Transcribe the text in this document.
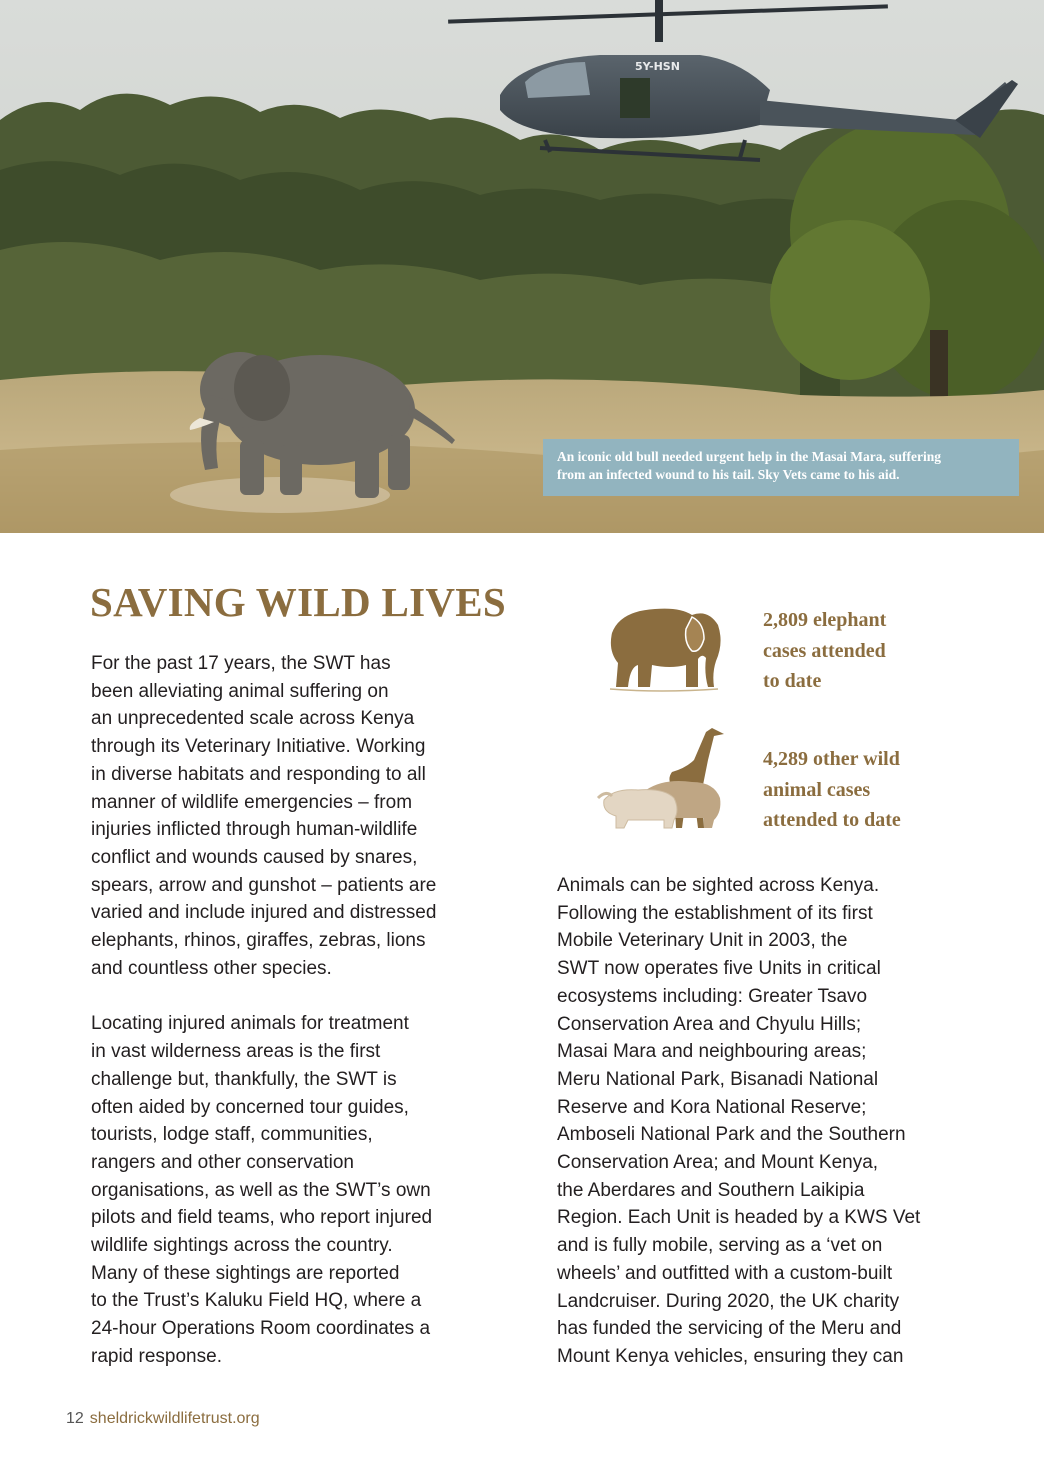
5Y-HSN
An iconic old bull needed urgent help in the Masai Mara, suffering
from an infected wound to his tail. Sky Vets came to his aid.
SAVING WILD LIVES

For the past 17 years, the SWT has
been alleviating animal suffering on
an unprecedented scale across Kenya
through its Veterinary Initiative. Working
in diverse habitats and responding to all
manner of wildlife emergencies – from
injuries inflicted through human-wildlife
conflict and wounds caused by snares,
spears, arrow and gunshot – patients are
varied and include injured and distressed
elephants, rhinos, giraffes, zebras, lions
and countless other species.

Locating injured animals for treatment
in vast wilderness areas is the first
challenge but, thankfully, the SWT is
often aided by concerned tour guides,
tourists, lodge staff, communities,
rangers and other conservation
organisations, as well as the SWT’s own
pilots and field teams, who report injured
wildlife sightings across the country.
Many of these sightings are reported
to the Trust’s Kaluku Field HQ, where a
24-hour Operations Room coordinates a
rapid response.

2,809 elephant
cases attended
to date
4,289 other wild
animal cases
attended to date

Animals can be sighted across Kenya.
Following the establishment of its first
Mobile Veterinary Unit in 2003, the
SWT now operates five Units in critical
ecosystems including: Greater Tsavo
Conservation Area and Chyulu Hills;
Masai Mara and neighbouring areas;
Meru National Park, Bisanadi National
Reserve and Kora National Reserve;
Amboseli National Park and the Southern
Conservation Area; and Mount Kenya,
the Aberdares and Southern Laikipia
Region. Each Unit is headed by a KWS Vet
and is fully mobile, serving as a ‘vet on
wheels’ and outfitted with a custom-built
Landcruiser. During 2020, the UK charity
has funded the servicing of the Meru and
Mount Kenya vehicles, ensuring they can

12 sheldrickwildlifetrust.org
